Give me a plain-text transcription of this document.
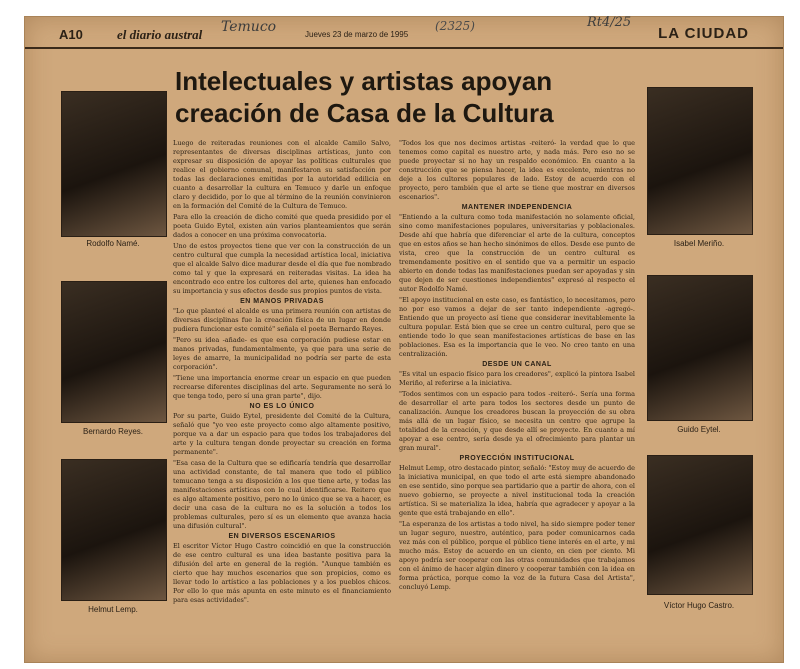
A10	el diario austral	Jueves 23 de marzo de 1995	LA CIUDAD
Temuco	(2325)	Rt4/25
Intelectuales y artistas apoyan creación de Casa de la Cultura
Rodolfo Namé.
Bernardo Reyes.
Helmut Lemp.
Isabel Meriño.
Guido Eytel.
Víctor Hugo Castro.

Luego de reiteradas reuniones con el alcalde Camilo Salvo, representantes de diversas disciplinas artísticas, junto con expresar su disposición de apoyar las políticas culturales que realice el gobierno comunal, manifestaron su satisfacción por todas las declaraciones emitidas por la autoridad edilicia en cuanto a desarrollar la cultura en Temuco y darle un enfoque claro y decidido, por lo que al término de la reunión convinieron en la formación del Comité de la Cultura de Temuco.

Para ello la creación de dicho comité que queda presidido por el poeta Guido Eytel, existen aún varios planteamientos que serán dados a conocer en una próxima convocatoria.

Uno de estos proyectos tiene que ver con la construcción de un centro cultural que cumpla la necesidad artística local, iniciativa que el alcalde Salvo dice madurar desde el día que fue nombrado como tal y que la expresará en reiteradas visitas. La idea ha encontrado eco entre los cultores del arte, quienes han enfocado su importancia y sus efectos desde sus propios puntos de vista.

EN MANOS PRIVADAS

"Lo que planteé el alcalde es una primera reunión con artistas de diversas disciplinas fue la creación física de un lugar en donde pudiera funcionar este comité" señala el poeta Bernardo Reyes.

"Pero su idea -añade- es que esa corporación pudiese estar en manos privadas, fundamentalmente, ya que para una serie de leyes de amarre, la municipalidad no podría ser parte de esta corporación".

"Tiene una importancia enorme crear un espacio en que pueden recrearse diferentes disciplinas del arte. Seguramente no será lo que tenga todo, pero sí una gran parte", dijo.

NO ES LO ÚNICO

Por su parte, Guido Eytel, presidente del Comité de la Cultura, señaló que "yo veo este proyecto como algo altamente positivo, porque va a dar un espacio para que todos los trabajadores del arte y la cultura tengan donde proyectar su creación en forma permanente".

"Esa casa de la Cultura que se edificaría tendría que desarrollar una actividad constante, de tal manera que todo el público temucano tenga a su disposición a los que tiene arte, y todas las manifestaciones artísticas con lo cual identificarse. Reitero que es algo altamente positivo, pero no lo único que se va a hacer, es decir una casa de la cultura no es la solución a todos los problemas culturales, pero sí es un elemento que avanza hacia una difusión cultural".

EN DIVERSOS ESCENARIOS

El escritor Víctor Hugo Castro coincidió en que la construcción de ese centro cultural es una idea bastante positiva para la difusión del arte en general de la región. "Aunque también es cierto que hay muchos escenarios que son propicios, como es llevar todo lo artístico a las poblaciones y a los pueblos chicos. Por ello lo que más apunta en este minuto es el financiamiento para esas actividades".

"Todos los que nos decimos artistas -reiteró- la verdad que lo que tenemos como capital es nuestro arte, y nada más. Pero eso no se puede proyectar si no hay un respaldo económico. En cuanto a la construcción que se piensa hacer, la idea es excelente, mientras no deje a los cultores populares de lado. Estoy de acuerdo con el proyecto, pero también que el arte se tiene que mostrar en diversos escenarios".

MANTENER INDEPENDENCIA

"Entiendo a la cultura como toda manifestación no solamente oficial, sino como manifestaciones populares, universitarias y poblacionales. Desde ahí que habría que diferenciar el arte de la cultura, conceptos que en estos años se han hecho sinónimos de ellos. Desde ese punto de vista, creo que la construcción de un centro cultural es tremendamente positivo en el sentido que va a permitir un espacio abierto en donde todas las manifestaciones puedan ser apoyadas y sin que dejen de ser cuestiones independientes" expresó al respecto el autor Rodolfo Namé.

"El apoyo institucional en este caso, es fantástico, lo necesitamos, pero no por eso vamos a dejar de ser tanto independiente -agregó-. Entiendo que un proyecto así tiene que considerar inevitablemente la cultura popular. Está bien que se cree un centro cultural, pero que se entiende todo lo que sean manifestaciones artísticas de base en las poblaciones. Esa es la importancia que le veo. No creo tanto en una centralización.

DESDE UN CANAL

"Es vital un espacio físico para los creadores", explicó la pintora Isabel Meriño, al referirse a la iniciativa.

"Todos sentimos con un espacio para todos -reiteró-. Sería una forma de desarrollar el arte para todos los sectores desde un punto de canalización. Aunque los creadores buscan la proyección de su obra más allá de un lugar físico, se necesita un centro que agrupe la totalidad de la creación, y que desde allí se proyecte. En cuanto a mí apoyar a ese centro, sería desde ya el ofrecimiento para plantar un gran mural".

PROYECCIÓN INSTITUCIONAL

Helmut Lemp, otro destacado pintor, señaló: "Estoy muy de acuerdo de la iniciativa municipal, en que todo el arte está siempre abandonado en ese sentido, sino porque sea partidario que a partir de ahora, con el nuevo gobierno, se proyecte a nivel institucional toda la creación artística. Si se materializa la idea, habría que agradecer y apoyar a la gente que está trabajando en ello".

"La esperanza de los artistas a todo nivel, ha sido siempre poder tener un lugar seguro, nuestro, auténtico, para poder comunicarnos cada vez más con el público, porque el público tiene interés en el arte, y mi mucho más. Estoy de acuerdo en un ciento, en cien por ciento. Mi apoyo podría ser cooperar con las otras comunidades que trabajamos con el ánimo de hacer algún dinero y cooperar también con la idea en forma práctica, porque como la voz de la futura Casa del Artista", concluyó Lemp.
